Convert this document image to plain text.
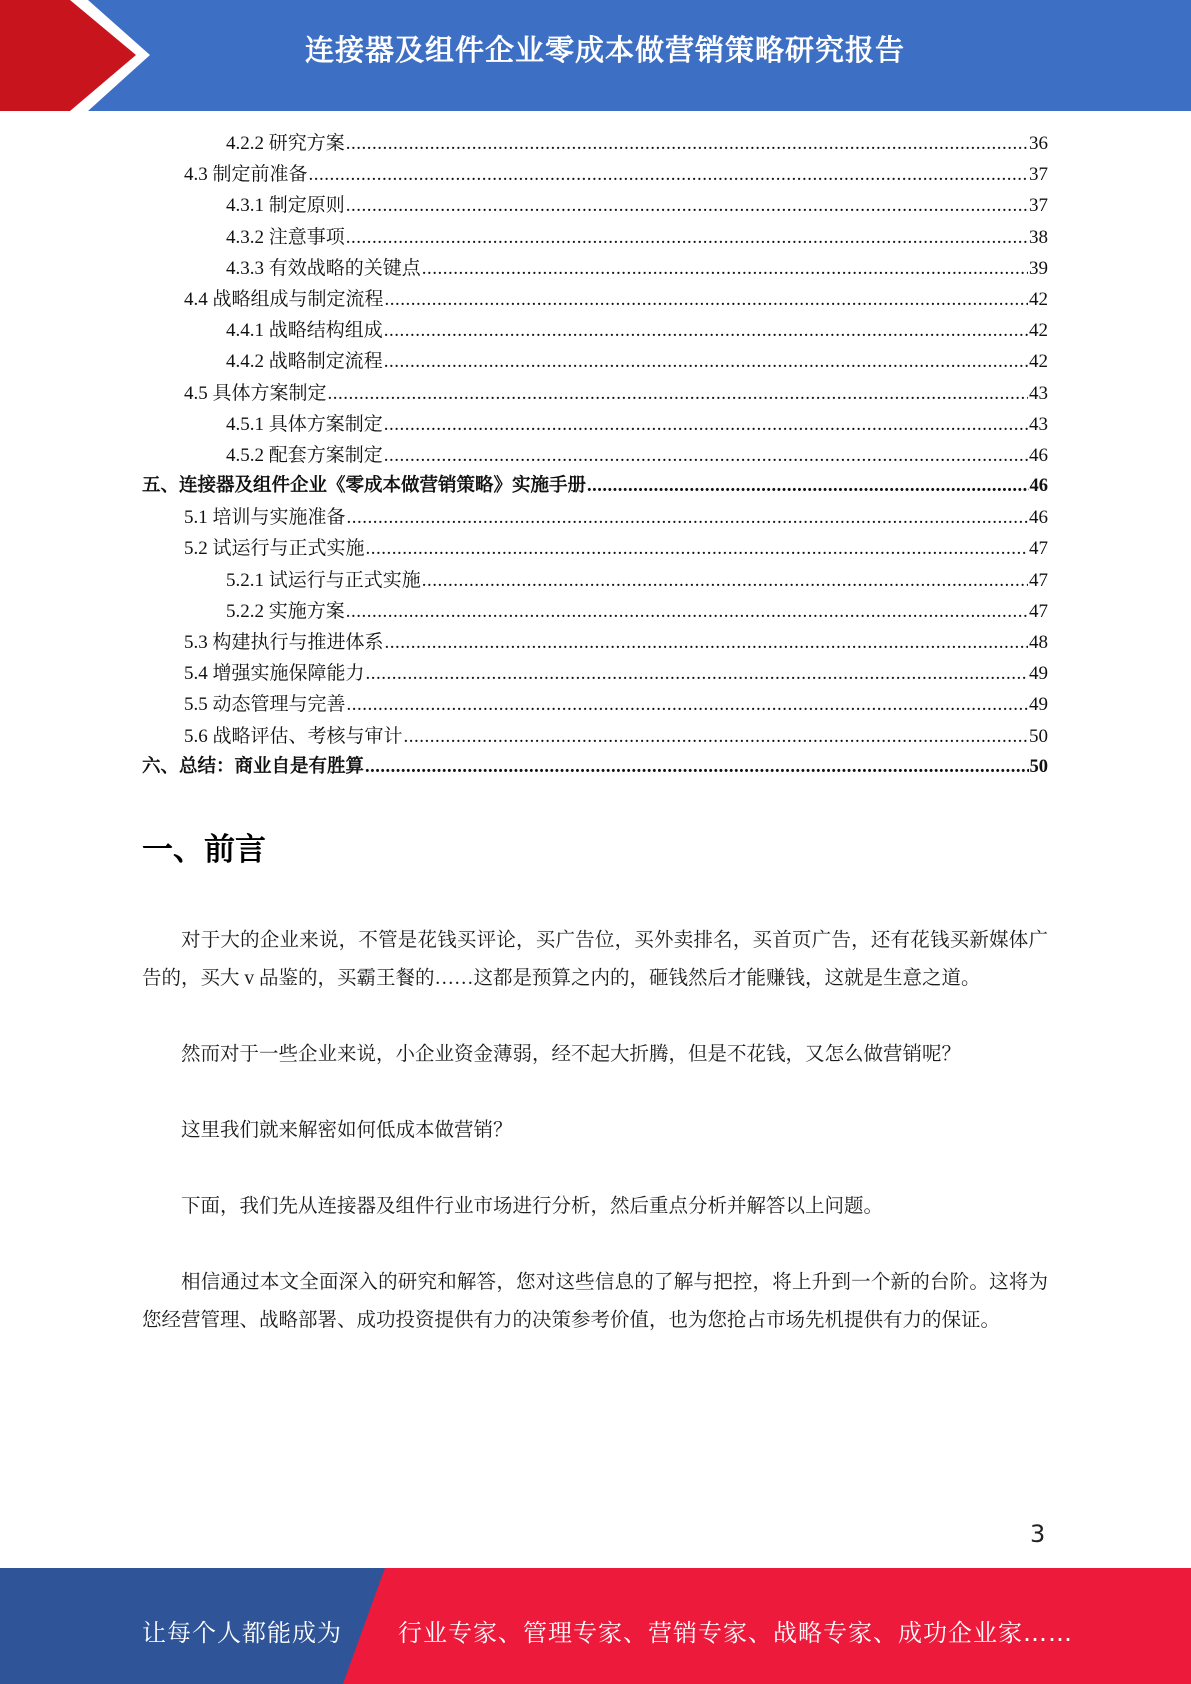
连接器及组件企业零成本做营销策略研究报告
4.2.2 研究方案 .....	36
4.3 制定前准备 .....	37
4.3.1 制定原则 .....	37
4.3.2 注意事项 .....	38
4.3.3 有效战略的关键点 .....	39
4.4 战略组成与制定流程 .....	42
4.4.1 战略结构组成 .....	42
4.4.2 战略制定流程 .....	42
4.5 具体方案制定 .....	43
4.5.1 具体方案制定 .....	43
4.5.2 配套方案制定 .....	46
五、连接器及组件企业《零成本做营销策略》实施手册 .....	46
5.1 培训与实施准备 .....	46
5.2 试运行与正式实施 .....	47
5.2.1 试运行与正式实施 .....	47
5.2.2 实施方案 .....	47
5.3 构建执行与推进体系 .....	48
5.4 增强实施保障能力 .....	49
5.5 动态管理与完善 .....	49
5.6 战略评估、考核与审计 .....	50
六、总结：商业自是有胜算 .....	50
一、前言

对于大的企业来说，不管是花钱买评论，买广告位，买外卖排名，买首页广告，还有花钱买新媒体广告的，买大 v 品鉴的，买霸王餐的……这都是预算之内的，砸钱然后才能赚钱，这就是生意之道。

然而对于一些企业来说，小企业资金薄弱，经不起大折腾，但是不花钱，又怎么做营销呢？

这里我们就来解密如何低成本做营销？

下面，我们先从连接器及组件行业市场进行分析，然后重点分析并解答以上问题。

相信通过本文全面深入的研究和解答，您对这些信息的了解与把控，将上升到一个新的台阶。这将为您经营管理、战略部署、成功投资提供有力的决策参考价值，也为您抢占市场先机提供有力的保证。

3
让每个人都能成为 行业专家、管理专家、营销专家、战略专家、成功企业家……
